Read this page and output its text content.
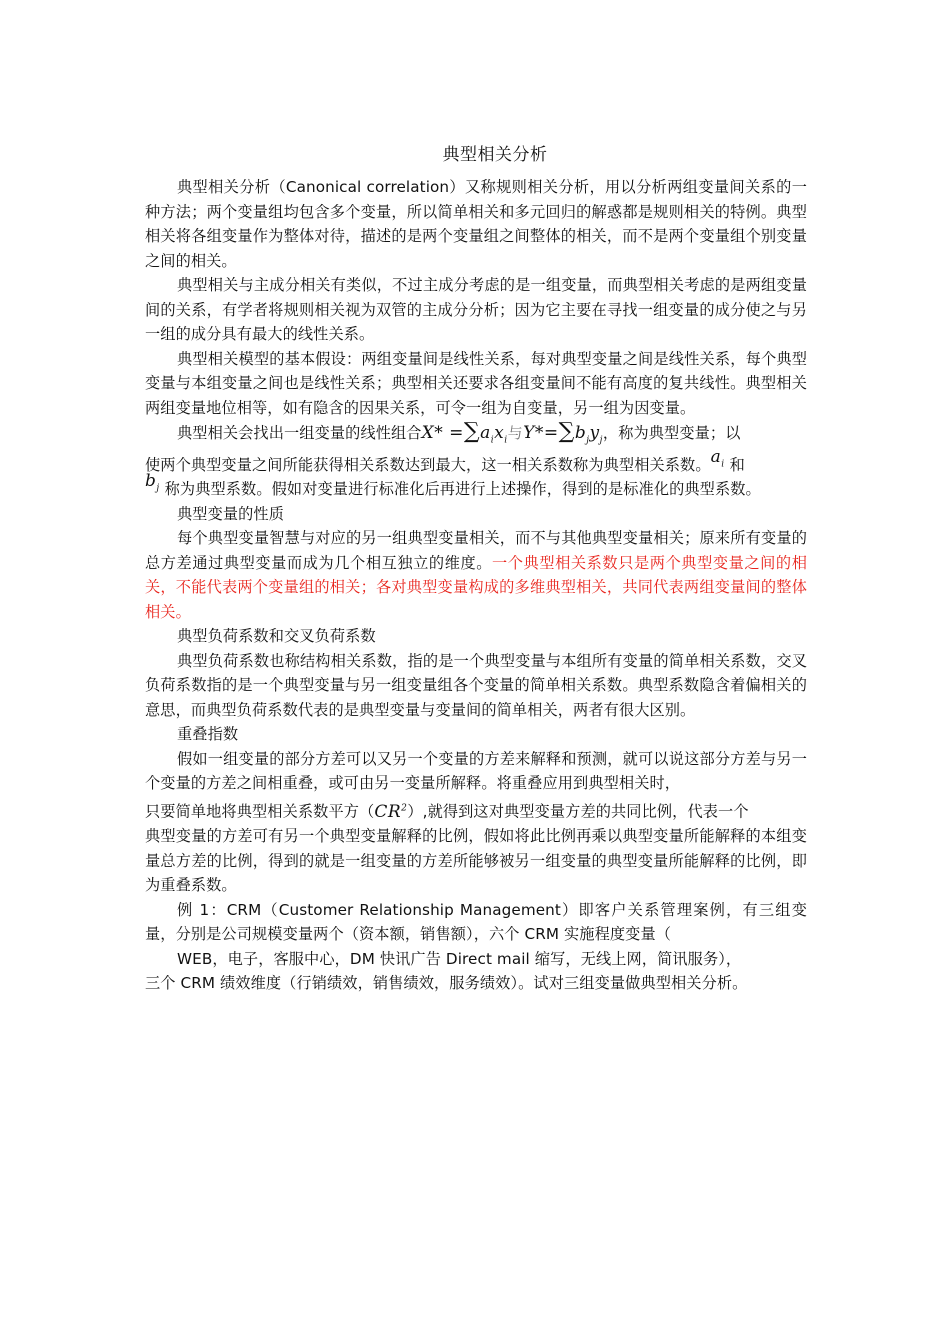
典型相关分析

典型相关分析（Canonical correlation）又称规则相关分析，用以分析两组变量间关系的一种方法；两个变量组均包含多个变量，所以简单相关和多元回归的解惑都是规则相关的特例。典型相关将各组变量作为整体对待，描述的是两个变量组之间整体的相关，而不是两个变量组个别变量之间的相关。

典型相关与主成分相关有类似，不过主成分考虑的是一组变量，而典型相关考虑的是两组变量间的关系，有学者将规则相关视为双管的主成分分析；因为它主要在寻找一组变量的成分使之与另一组的成分具有最大的线性关系。

典型相关模型的基本假设：两组变量间是线性关系，每对典型变量之间是线性关系，每个典型变量与本组变量之间也是线性关系；典型相关还要求各组变量间不能有高度的复共线性。典型相关两组变量地位相等，如有隐含的因果关系，可令一组为自变量，另一组为因变量。

典型相关会找出一组变量的线性组合$X* =\sum a_ix_i$与$Y*=\sum b_jy_j$，称为典型变量；以

使两个典型变量之间所能获得相关系数达到最大，这一相关系数称为典型相关系数。$a_i$ 和

$b_j$ 称为典型系数。假如对变量进行标准化后再进行上述操作，得到的是标准化的典型系数。

典型变量的性质

每个典型变量智慧与对应的另一组典型变量相关，而不与其他典型变量相关；原来所有变量的总方差通过典型变量而成为几个相互独立的维度。一个典型相关系数只是两个典型变量之间的相关，不能代表两个变量组的相关；各对典型变量构成的多维典型相关，共同代表两组变量间的整体相关。

典型负荷系数和交叉负荷系数

典型负荷系数也称结构相关系数，指的是一个典型变量与本组所有变量的简单相关系数，交叉负荷系数指的是一个典型变量与另一组变量组各个变量的简单相关系数。典型系数隐含着偏相关的意思，而典型负荷系数代表的是典型变量与变量间的简单相关，两者有很大区别。

重叠指数

假如一组变量的部分方差可以又另一个变量的方差来解释和预测，就可以说这部分方差与另一个变量的方差之间相重叠，或可由另一变量所解释。将重叠应用到典型相关时，

只要简单地将典型相关系数平方$(CR^2)$,就得到这对典型变量方差的共同比例，代表一个

典型变量的方差可有另一个典型变量解释的比例，假如将此比例再乘以典型变量所能解释的本组变量总方差的比例，得到的就是一组变量的方差所能够被另一组变量的典型变量所能解释的比例，即为重叠系数。

例 1：CRM（Customer Relationship Management）即客户关系管理案例，有三组变量，分别是公司规模变量两个（资本额，销售额），六个 CRM 实施程度变量（

WEB，电子，客服中心，DM 快讯广告 Direct mail 缩写，无线上网，简讯服务），

三个 CRM 绩效维度（行销绩效，销售绩效，服务绩效）。试对三组变量做典型相关分析。
